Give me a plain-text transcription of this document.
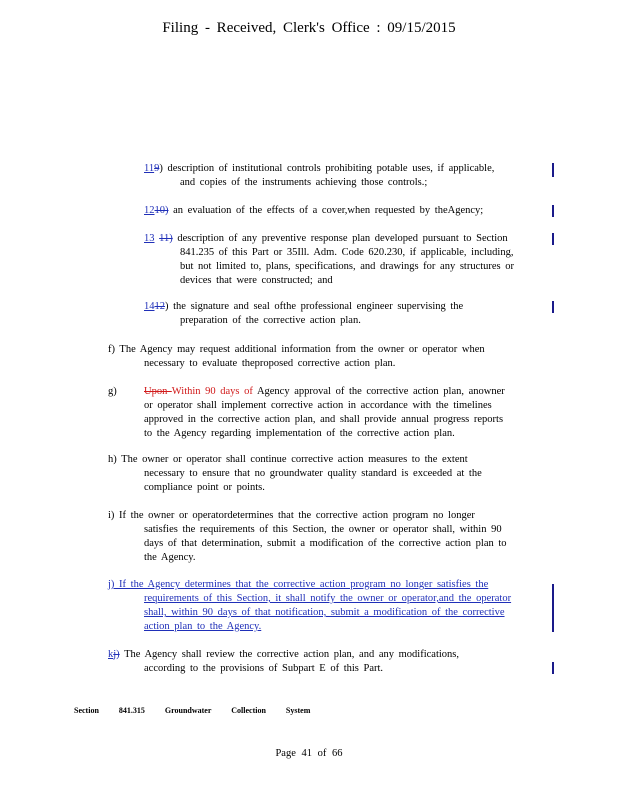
Filing - Received, Clerk's Office : 09/15/2015
119) description of institutional controls prohibiting potable uses, if applicable,
and copies of the instruments achieving those controls.;
1210) an evaluation of the effects of a cover,when requested by theAgency;
13 11) description of any preventive response plan developed pursuant to Section
841.235 of this Part or 35Ill. Adm. Code 620.230, if applicable, including,
but not limited to, plans, specifications, and drawings for any structures or
devices that were constructed; and
1412) the signature and seal ofthe professional engineer supervising the
preparation of the corrective action plan.
f) The Agency may request additional information from the owner or operator when
necessary to evaluate theproposed corrective action plan.
g)	Upon Within 90 days of Agency approval of the corrective action plan, anowner
or operator shall implement corrective action in accordance with the timelines
approved in the corrective action plan, and shall provide annual progress reports
to the Agency regarding implementation of the corrective action plan.
h) The owner or operator shall continue corrective action measures to the extent
necessary to ensure that no groundwater quality standard is exceeded at the
compliance point or points.
i) If the owner or operatordetermines that the corrective action program no longer
satisfies the requirements of this Section, the owner or operator shall, within 90
days of that determination, submit a modification of the corrective action plan to
the Agency.
j) If the Agency determines that the corrective action program no longer satisfies the
requirements of this Section, it shall notify the owner or operator,and the operator
shall, within 90 days of that notification, submit a modification of the corrective
action plan to the Agency.
kj) The Agency shall review the corrective action plan, and any modifications,
according to the provisions of Subpart E of this Part.
Section 841.315 Groundwater Collection System
Page 41 of 66
